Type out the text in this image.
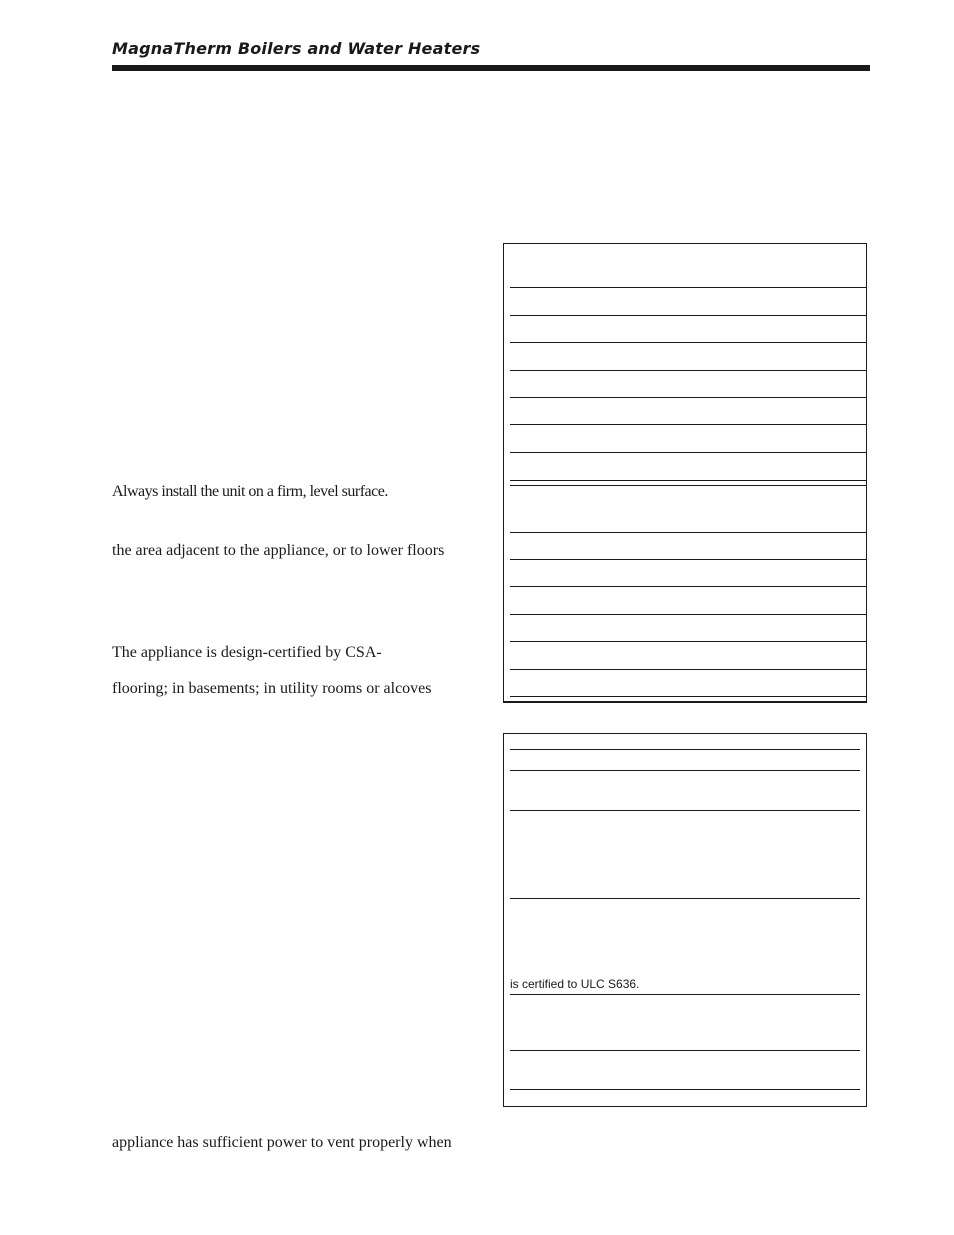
MagnaTherm Boilers and Water Heaters
Always install the unit on a firm, level surface.
the area adjacent to the appliance, or to lower floors
The appliance is design-certified by CSA-
flooring; in basements; in utility rooms or alcoves
appliance has sufficient power to vent properly when
is certified to ULC S636.
